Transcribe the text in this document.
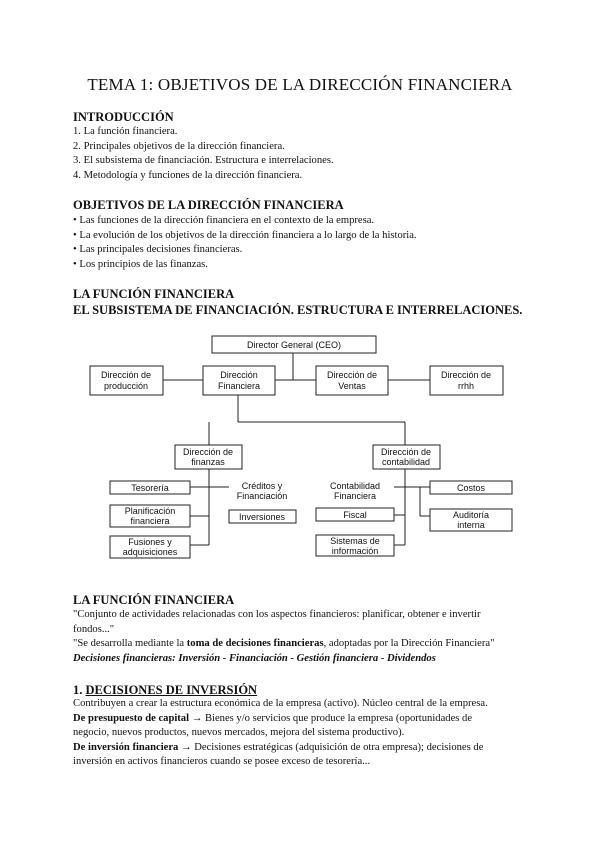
TEMA 1: OBJETIVOS DE LA DIRECCIÓN FINANCIERA
INTRODUCCIÓN
1. La función financiera.
2. Principales objetivos de la dirección financiera.
3. El subsistema de financiación. Estructura e interrelaciones.
4. Metodología y funciones de la dirección financiera.
OBJETIVOS DE LA DIRECCIÓN FINANCIERA
• Las funciones de la dirección financiera en el contexto de la empresa.
• La evolución de los objetivos de la dirección financiera a lo largo de la historia.
• Las principales decisiones financieras.
• Los principios de las finanzas.
LA FUNCIÓN FINANCIERA
EL SUBSISTEMA DE FINANCIACIÓN. ESTRUCTURA E INTERRELACIONES.
Director General (CEO)
Dirección de
producción
Dirección
Financiera
Dirección de
Ventas
Dirección de
rrhh
Dirección de
finanzas
Dirección de
contabilidad
Tesorería
Planificación
financiera
Fusiones y
adquisiciones
Créditos y
Financiación
Inversiones
Contabilidad
Financiera
Fiscal
Sistemas de
información
Costos
Auditoría
interna
LA FUNCIÓN FINANCIERA
"Conjunto de actividades relacionadas con los aspectos financieros: planificar, obtener e invertir
fondos..."
"Se desarrolla mediante la toma de decisiones financieras, adoptadas por la Dirección Financiera"
Decisiones financieras: Inversión - Financiación - Gestión financiera - Dividendos
1. DECISIONES DE INVERSIÓN
Contribuyen a crear la estructura económica de la empresa (activo). Núcleo central de la empresa.
De presupuesto de capital → Bienes y/o servicios que produce la empresa (oportunidades de
negocio, nuevos productos, nuevos mercados, mejora del sistema productivo).
De inversión financiera → Decisiones estratégicas (adquisición de otra empresa); decisiones de
inversión en activos financieros cuando se posee exceso de tesorería...
